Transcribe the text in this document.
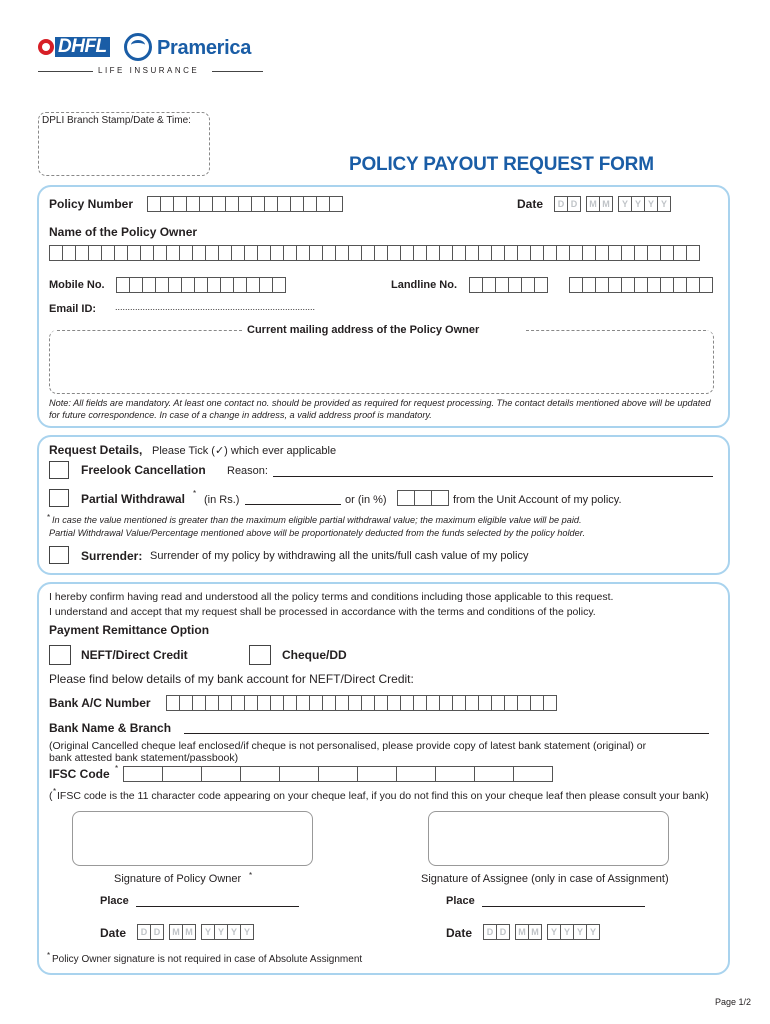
DHFL	Pramerica
LIFE INSURANCE
DPLI Branch Stamp/Date & Time:
POLICY PAYOUT REQUEST FORM
Policy Number	Date	D D	M M	Y Y Y Y
Name of the Policy Owner
Mobile No.	Landline No.
Email ID: ................................................................................
Current mailing address of the Policy Owner
Note: All fields are mandatory. At least one contact no. should be provided as required for request processing. The contact details mentioned above will be updated for future correspondence. In case of a change in address, a valid address proof is mandatory.
Request Details, Please Tick (✓) which ever applicable
Freelook Cancellation Reason:
Partial Withdrawal *
(in Rs.)	or (in %)	from the Unit Account of my policy.
* In case the value mentioned is greater than the maximum eligible partial withdrawal value; the maximum eligible value will be paid.
Partial Withdrawal Value/Percentage mentioned above will be proportionately deducted from the funds selected by the policy holder.
Surrender: Surrender of my policy by withdrawing all the units/full cash value of my policy
I hereby confirm having read and understood all the policy terms and conditions including those applicable to this request.
I understand and accept that my request shall be processed in accordance with the terms and conditions of the policy.
Payment Remittance Option
NEFT/Direct Credit	Cheque/DD
Please find below details of my bank account for NEFT/Direct Credit:
Bank A/C Number
Bank Name & Branch
(Original Cancelled cheque leaf enclosed/if cheque is not personalised, please provide copy of latest bank statement (original) or
bank attested bank statement/passbook)
IFSC Code *
( * IFSC code is the 11 character code appearing on your cheque leaf, if you do not find this on your cheque leaf then please consult your bank)
Signature of Policy Owner *	Signature of Assignee (only in case of Assignment)
Place	Place
Date	D D	M M	Y Y Y Y	Date	D D	M M	Y Y Y Y
* Policy Owner signature is not required in case of Absolute Assignment
Page 1/2
